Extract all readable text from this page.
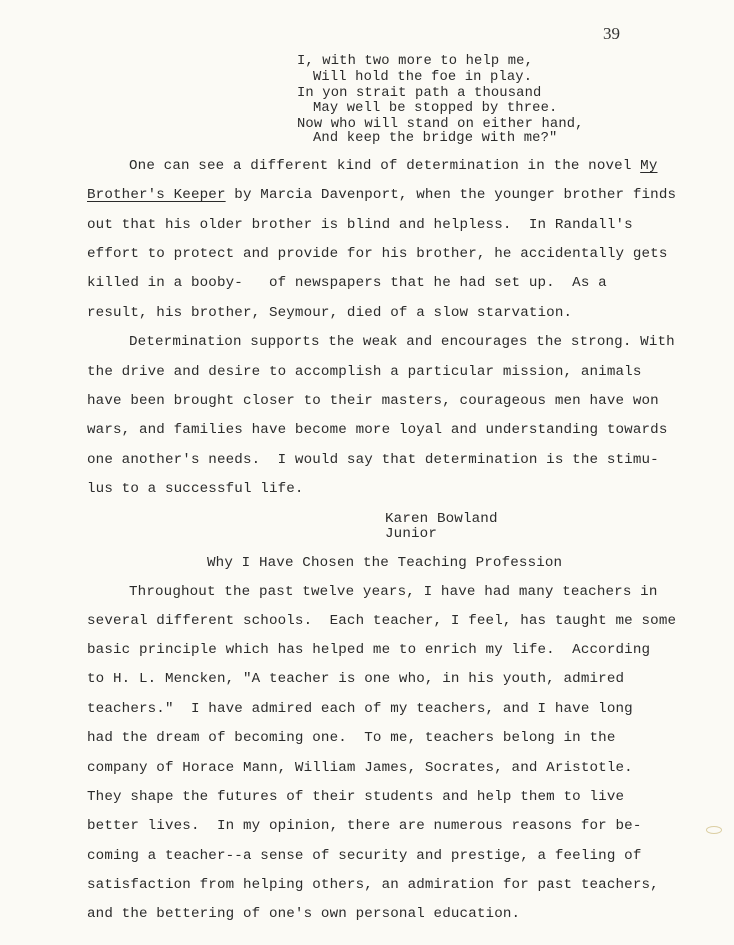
39
I, with two more to help me,
Will hold the foe in play.
In yon strait path a thousand
May well be stopped by three.
Now who will stand on either hand,
And keep the bridge with me?"
One can see a different kind of determination in the novel My
Brother's Keeper by Marcia Davenport, when the younger brother finds
out that his older brother is blind and helpless.  In Randall's
effort to protect and provide for his brother, he accidentally gets
killed in a booby-   of newspapers that he had set up.  As a
result, his brother, Seymour, died of a slow starvation.
Determination supports the weak and encourages the strong. With
the drive and desire to accomplish a particular mission, animals
have been brought closer to their masters, courageous men have won
wars, and families have become more loyal and understanding towards
one another's needs.  I would say that determination is the stimu-
lus to a successful life.
Karen Bowland
Junior
Why I Have Chosen the Teaching Profession
Throughout the past twelve years, I have had many teachers in
several different schools.  Each teacher, I feel, has taught me some
basic principle which has helped me to enrich my life.  According
to H. L. Mencken, "A teacher is one who, in his youth, admired
teachers."  I have admired each of my teachers, and I have long
had the dream of becoming one.  To me, teachers belong in the
company of Horace Mann, William James, Socrates, and Aristotle.
They shape the futures of their students and help them to live
better lives.  In my opinion, there are numerous reasons for be-
coming a teacher--a sense of security and prestige, a feeling of
satisfaction from helping others, an admiration for past teachers,
and the bettering of one's own personal education.
